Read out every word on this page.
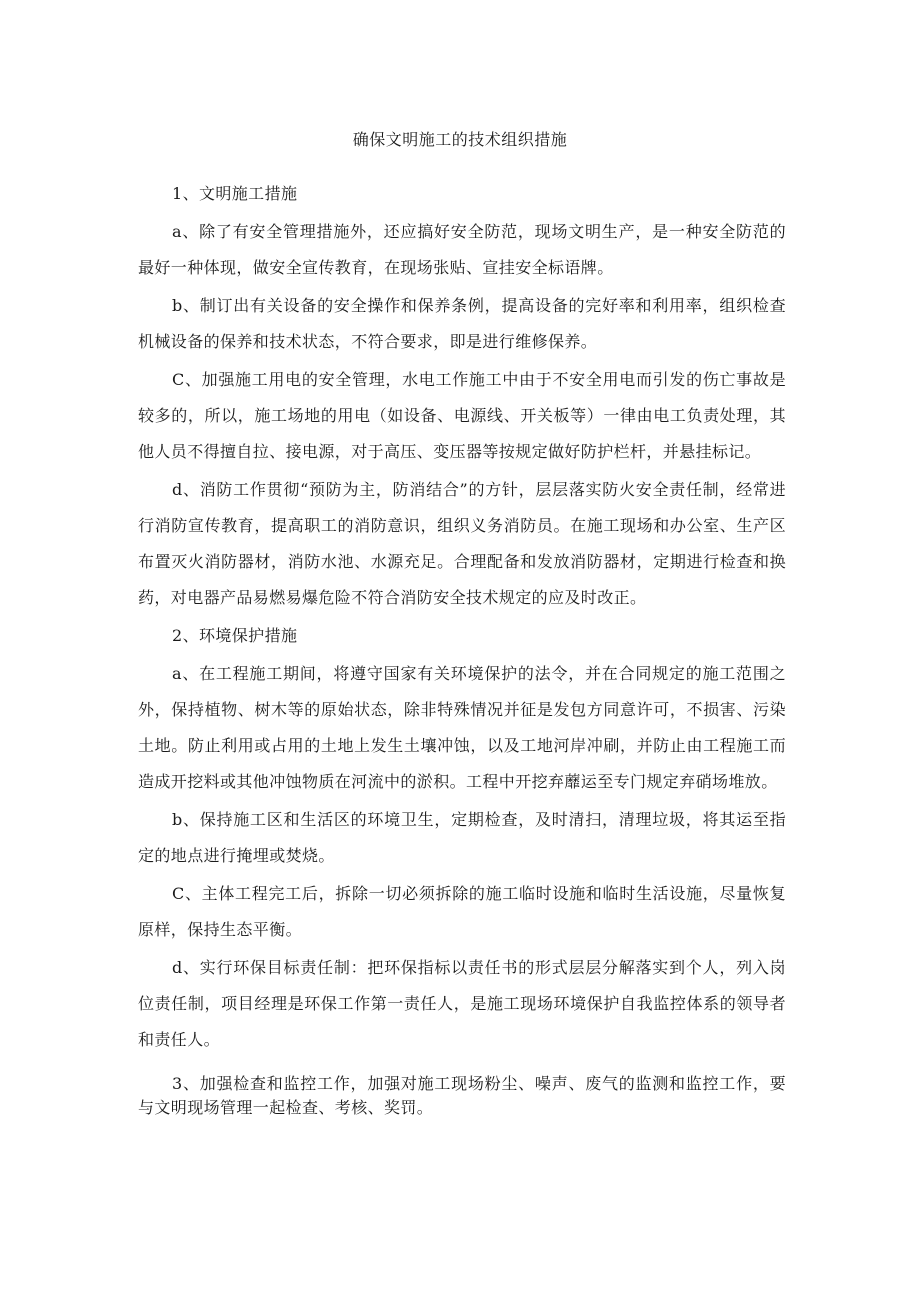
确保文明施工的技术组织措施

1、文明施工措施

a、除了有安全管理措施外，还应搞好安全防范，现场文明生产，是一种安全防范的最好一种体现，做安全宣传教育，在现场张贴、宣挂安全标语牌。

b、制订出有关设备的安全操作和保养条例，提高设备的完好率和利用率，组织检查机械设备的保养和技术状态，不符合要求，即是进行维修保养。

C、加强施工用电的安全管理，水电工作施工中由于不安全用电而引发的伤亡事故是较多的，所以，施工场地的用电（如设备、电源线、开关板等）一律由电工负责处理，其他人员不得擅自拉、接电源，对于高压、变压器等按规定做好防护栏杆，并悬挂标记。

d、消防工作贯彻“预防为主，防消结合”的方针，层层落实防火安全责任制，经常进行消防宣传教育，提高职工的消防意识，组织义务消防员。在施工现场和办公室、生产区布置灭火消防器材，消防水池、水源充足。合理配备和发放消防器材，定期进行检查和换药，对电器产品易燃易爆危险不符合消防安全技术规定的应及时改正。

2、环境保护措施

a、在工程施工期间，将遵守国家有关环境保护的法令，并在合同规定的施工范围之外，保持植物、树木等的原始状态，除非特殊情况并征是发包方同意许可，不损害、污染土地。防止利用或占用的土地上发生土壤冲蚀，以及工地河岸冲刷，并防止由工程施工而造成开挖料或其他冲蚀物质在河流中的淤积。工程中开挖弃蘼运至专门规定弃硝场堆放。

b、保持施工区和生活区的环境卫生，定期检查，及时清扫，清理垃圾，将其运至指定的地点进行掩埋或焚烧。

C、主体工程完工后，拆除一切必须拆除的施工临时设施和临时生活设施，尽量恢复原样，保持生态平衡。

d、实行环保目标责任制：把环保指标以责任书的形式层层分解落实到个人，列入岗位责任制，项目经理是环保工作第一责任人，是施工现场环境保护自我监控体系的领导者和责任人。

3、加强检查和监控工作，加强对施工现场粉尘、噪声、废气的监测和监控工作，要与文明现场管理一起检查、考核、奖罚。
